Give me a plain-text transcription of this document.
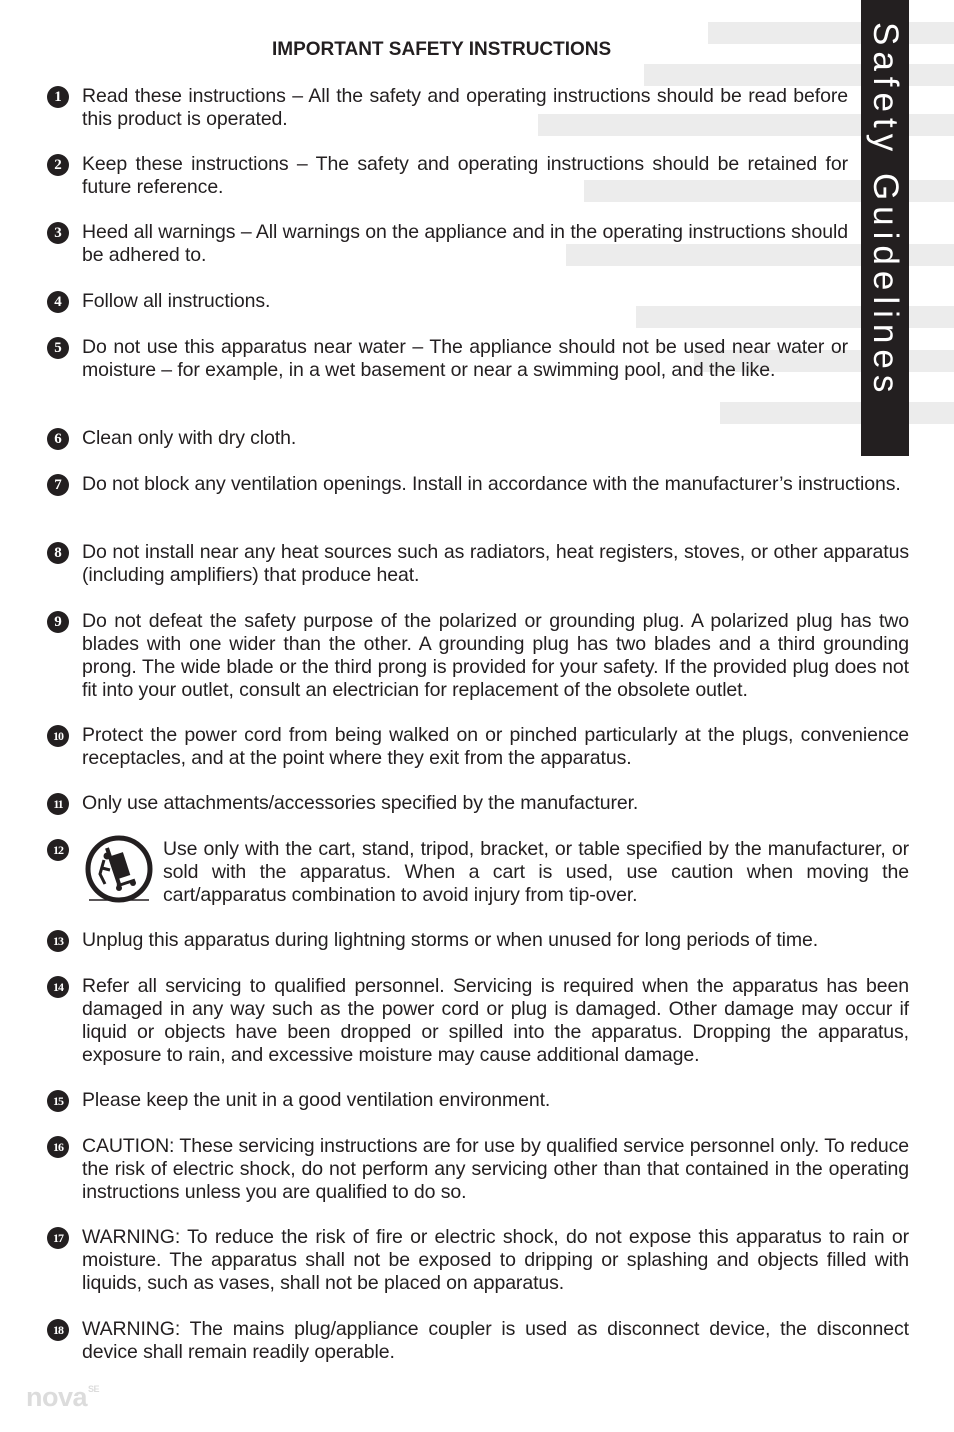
Safety Guidelines
IMPORTANT SAFETY INSTRUCTIONS
1	Read these instructions – All the safety and operating instructions should be read before this product is operated.
2	Keep these instructions – The safety and operating instructions should be retained for future reference.
3	Heed all warnings – All warnings on the appliance and in the operating instructions should be adhered to.
4	Follow all instructions.
5	Do not use this apparatus near water – The appliance should not be used near water or moisture – for example, in a wet basement or near a swimming pool, and the like.
6	Clean only with dry cloth.
7	Do not block any ventilation openings. Install in accordance with the manufacturer’s instructions.
8	Do not install near any heat sources such as radiators, heat registers, stoves, or other apparatus (including amplifiers) that produce heat.
9	Do not defeat the safety purpose of the polarized or grounding plug. A polarized plug has two blades with one wider than the other. A grounding plug has two blades and a third grounding prong. The wide blade or the third prong is provided for your safety. If the provided plug does not fit into your outlet, consult an electrician for replacement of the obsolete outlet.
10 Protect the power cord from being walked on or pinched particularly at the plugs, convenience receptacles, and at the point where they exit from the apparatus.
11 Only use attachments/accessories specified by the manufacturer.
12	Use only with the cart, stand, tripod, bracket, or table specified by the manufacturer, or sold with the apparatus. When a cart is used, use caution when moving the cart/apparatus combination to avoid injury from tip-over.
13 Unplug this apparatus during lightning storms or when unused for long periods of time.
14 Refer all servicing to qualified personnel. Servicing is required when the apparatus has been damaged in any way such as the power cord or plug is damaged. Other damage may occur if liquid or objects have been dropped or spilled into the apparatus. Dropping the apparatus, exposure to rain, and excessive moisture may cause additional damage.
15 Please keep the unit in a good ventilation environment.
16 CAUTION: These servicing instructions are for use by qualified service personnel only. To reduce the risk of electric shock, do not perform any servicing other than that contained in the operating instructions unless you are qualified to do so.
17 WARNING: To reduce the risk of fire or electric shock, do not expose this apparatus to rain or moisture. The apparatus shall not be exposed to dripping or splashing and objects filled with liquids, such as vases, shall not be placed on apparatus.
18 WARNING: The mains plug/appliance coupler is used as disconnect device, the disconnect device shall remain readily operable.
nova$^{SE}$
